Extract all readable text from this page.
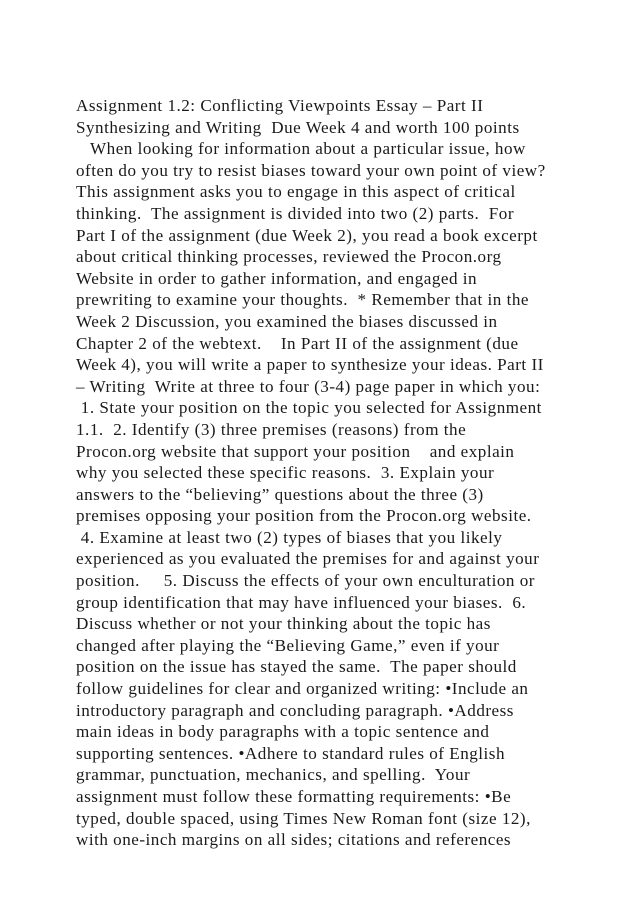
Assignment 1.2: Conflicting Viewpoints Essay – Part II
Synthesizing and Writing  Due Week 4 and worth 100 points
When looking for information about a particular issue, how
often do you try to resist biases toward your own point of view?
This assignment asks you to engage in this aspect of critical
thinking.  The assignment is divided into two (2) parts.  For
Part I of the assignment (due Week 2), you read a book excerpt
about critical thinking processes, reviewed the Procon.org
Website in order to gather information, and engaged in
prewriting to examine your thoughts.  * Remember that in the
Week 2 Discussion, you examined the biases discussed in
Chapter 2 of the webtext.    In Part II of the assignment (due
Week 4), you will write a paper to synthesize your ideas. Part II
– Writing  Write at three to four (3-4) page paper in which you:
1. State your position on the topic you selected for Assignment
1.1.  2. Identify (3) three premises (reasons) from the
Procon.org website that support your position    and explain
why you selected these specific reasons.  3. Explain your
answers to the “believing” questions about the three (3)
premises opposing your position from the Procon.org website.
4. Examine at least two (2) types of biases that you likely
experienced as you evaluated the premises for and against your
position.     5. Discuss the effects of your own enculturation or
group identification that may have influenced your biases.  6.
Discuss whether or not your thinking about the topic has
changed after playing the “Believing Game,” even if your
position on the issue has stayed the same.  The paper should
follow guidelines for clear and organized writing: •Include an
introductory paragraph and concluding paragraph. •Address
main ideas in body paragraphs with a topic sentence and
supporting sentences. •Adhere to standard rules of English
grammar, punctuation, mechanics, and spelling.  Your
assignment must follow these formatting requirements: •Be
typed, double spaced, using Times New Roman font (size 12),
with one-inch margins on all sides; citations and references
